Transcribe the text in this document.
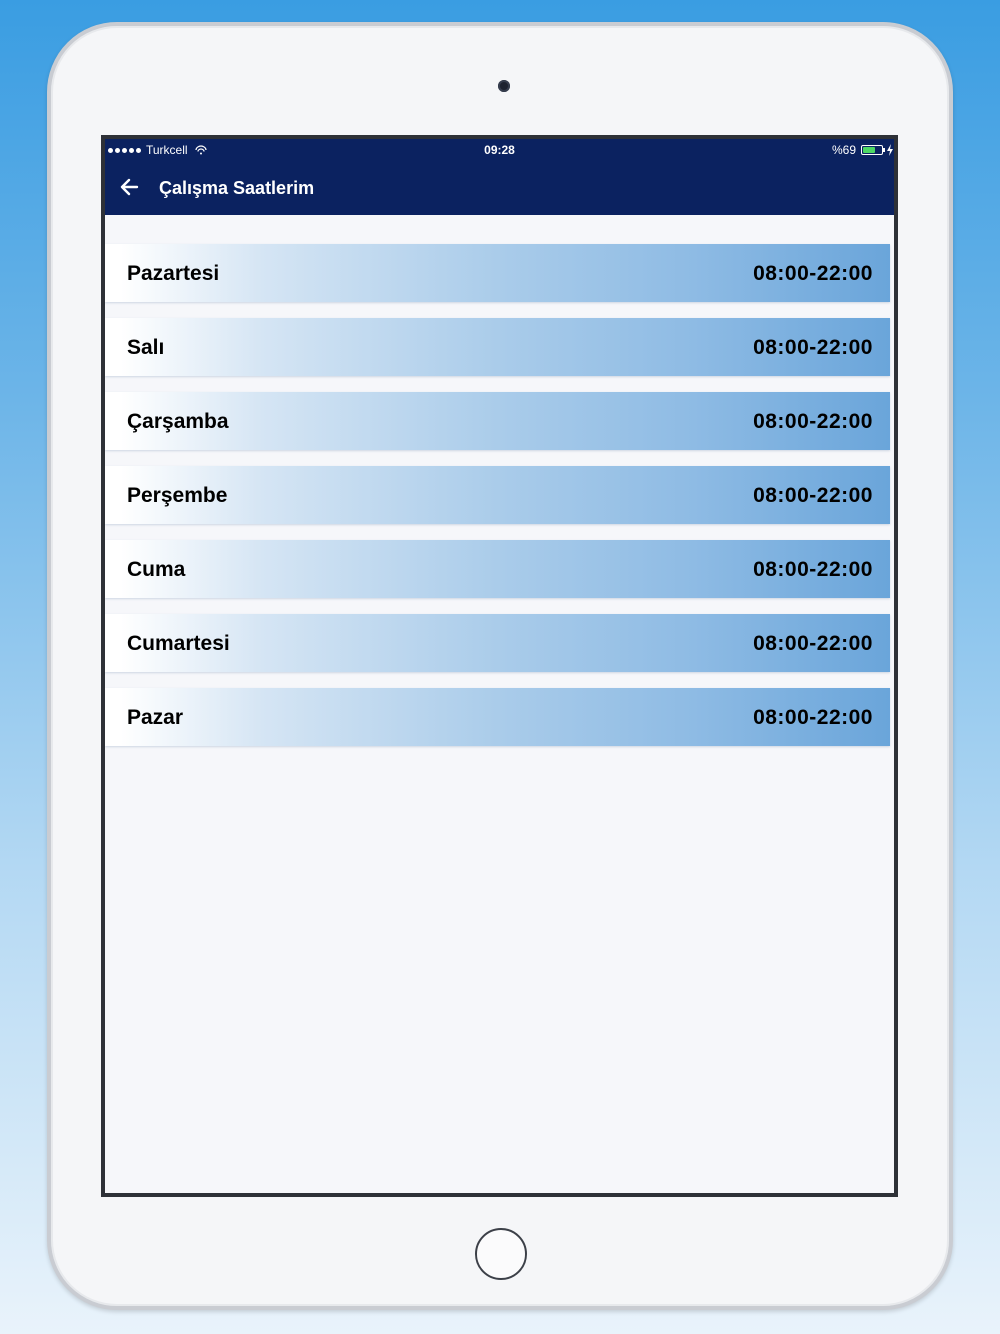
Turkcell	09:28	%69
Çalışma Saatlerim
Pazartesi	08:00-22:00
Salı	08:00-22:00
Çarşamba	08:00-22:00
Perşembe	08:00-22:00
Cuma	08:00-22:00
Cumartesi	08:00-22:00
Pazar	08:00-22:00
